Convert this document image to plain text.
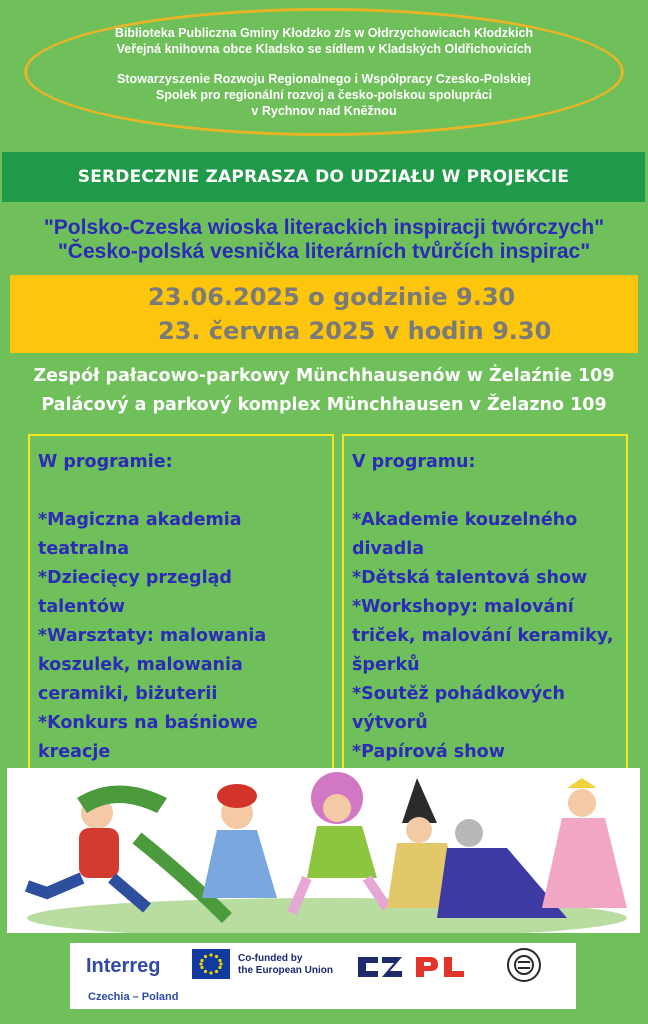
Biblioteka Publiczna Gminy Kłodzko z/s w Ołdrzychowicach Kłodzkich
Veřejná knihovna obce Kladsko se sídlem v Kladských Oldřichovicích
Stowarzyszenie Rozwoju Regionalnego i Współpracy Czesko-Polskiej
Spolek pro regionální rozvoj a česko-polskou spolupráci
v Rychnov nad Kněžnou
SERDECZNIE ZAPRASZA DO UDZIAŁU W PROJEKCIE
"Polsko-Czeska wioska literackich inspiracji twórczych"
"Česko-polská vesnička literárních tvůrčích inspirac"
23.06.2025 o godzinie 9.30
23. června 2025 v hodin 9.30
Zespół pałacowo-parkowy Münchhausenów w Żelaźnie 109
Palácový a parkový komplex Münchhausen v Želazno 109
W programie:
*Magiczna akademia
teatralna
*Dziecięcy przegląd talentów
*Warsztaty: malowania
koszulek, malowania
ceramiki, biżuterii
*Konkurs na baśniowe
kreacje
V programu:
*Akademie kouzelného
divadla
*Dětská talentová show
*Workshopy: malování
triček, malování keramiky,
šperků
*Soutěž pohádkových
výtvorů
*Papírová show
Interreg
Czechia – Poland
Co-funded by
the European Union
